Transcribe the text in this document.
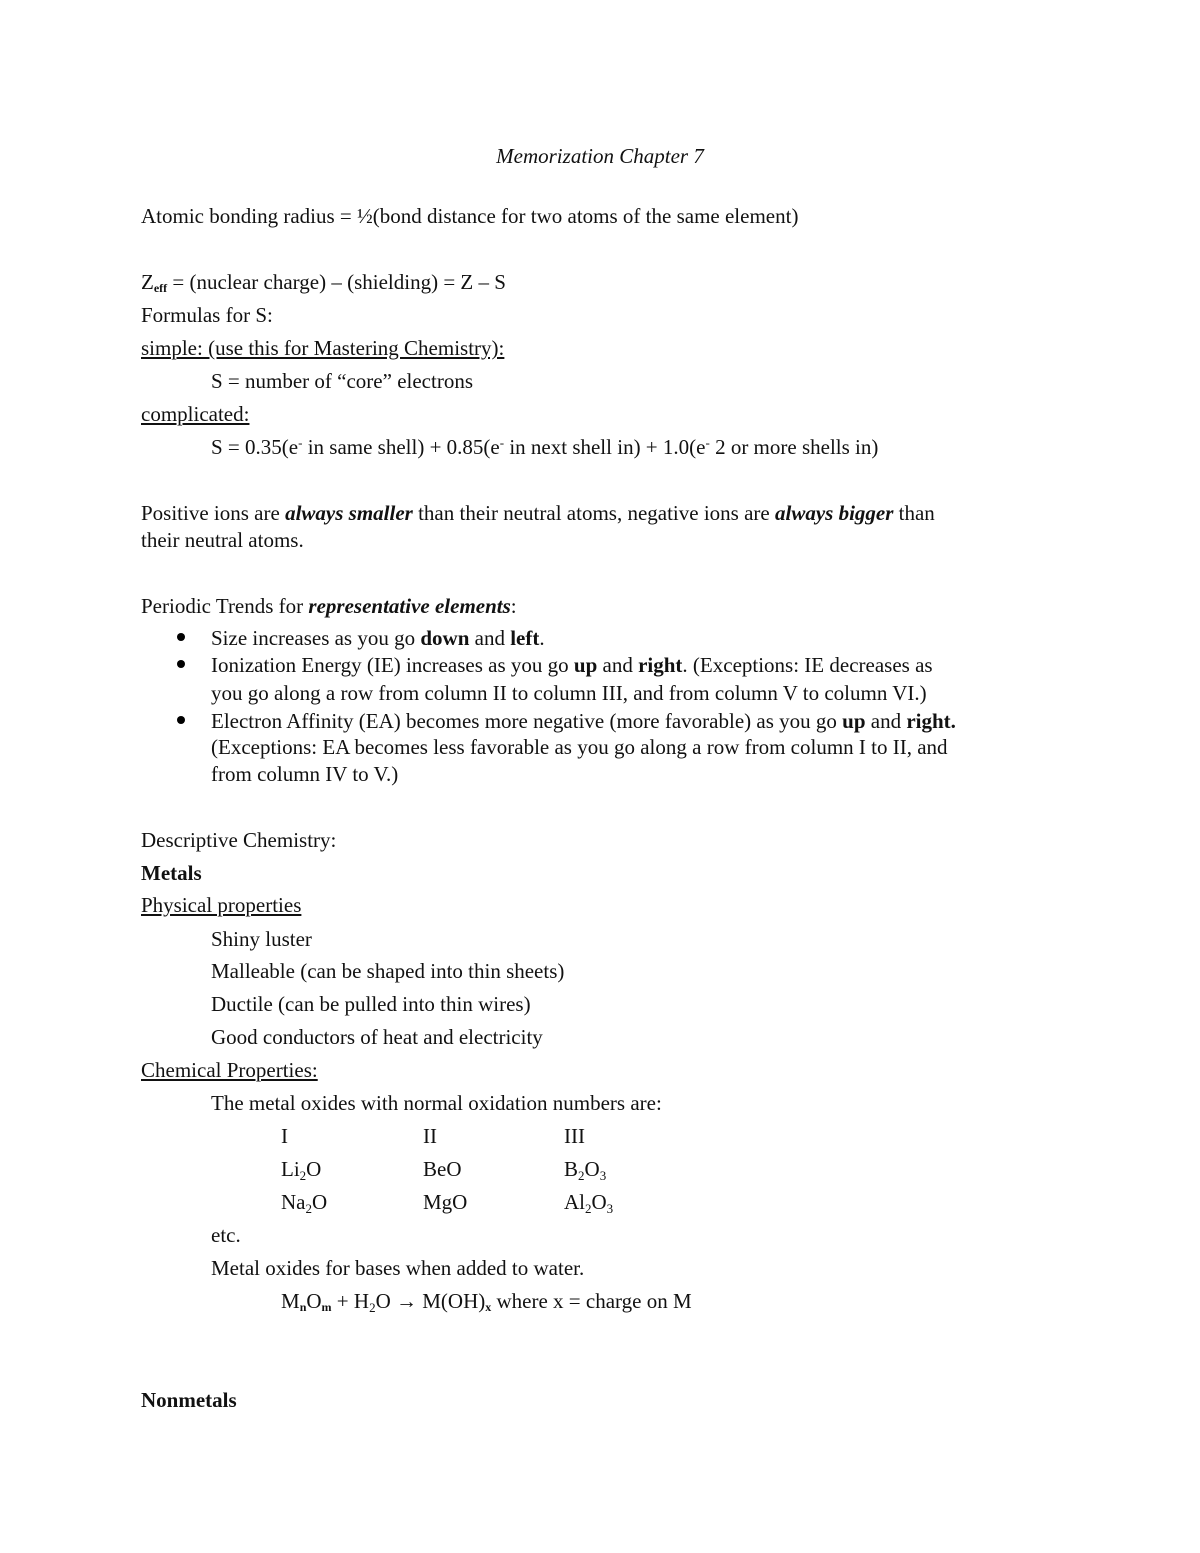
Memorization Chapter 7
Atomic bonding radius = ½(bond distance for two atoms of the same element)
Zeff = (nuclear charge) – (shielding) = Z – S
Formulas for S:
simple: (use this for Mastering Chemistry):
S = number of “core” electrons
complicated:
S = 0.35(e- in same shell) + 0.85(e- in next shell in) + 1.0(e- 2 or more shells in)
Positive ions are always smaller than their neutral atoms, negative ions are always bigger than
their neutral atoms.
Periodic Trends for representative elements:
Size increases as you go down and left.
Ionization Energy (IE) increases as you go up and right. (Exceptions: IE decreases as
you go along a row from column II to column III, and from column V to column VI.)
Electron Affinity (EA) becomes more negative (more favorable) as you go up and right.
(Exceptions: EA becomes less favorable as you go along a row from column I to II, and
from column IV to V.)
Descriptive Chemistry:
Metals
Physical properties
Shiny luster
Malleable (can be shaped into thin sheets)
Ductile (can be pulled into thin wires)
Good conductors of heat and electricity
Chemical Properties:
The metal oxides with normal oxidation numbers are:
I	II	III
$Li_2O$	BeO	$B_2O_3$
$Na_2O$	MgO	$Al_2O_3$
etc.
Metal oxides for bases when added to water.
MnOm + $H_2O \to M(OH)x$ where x = charge on M
Nonmetals
